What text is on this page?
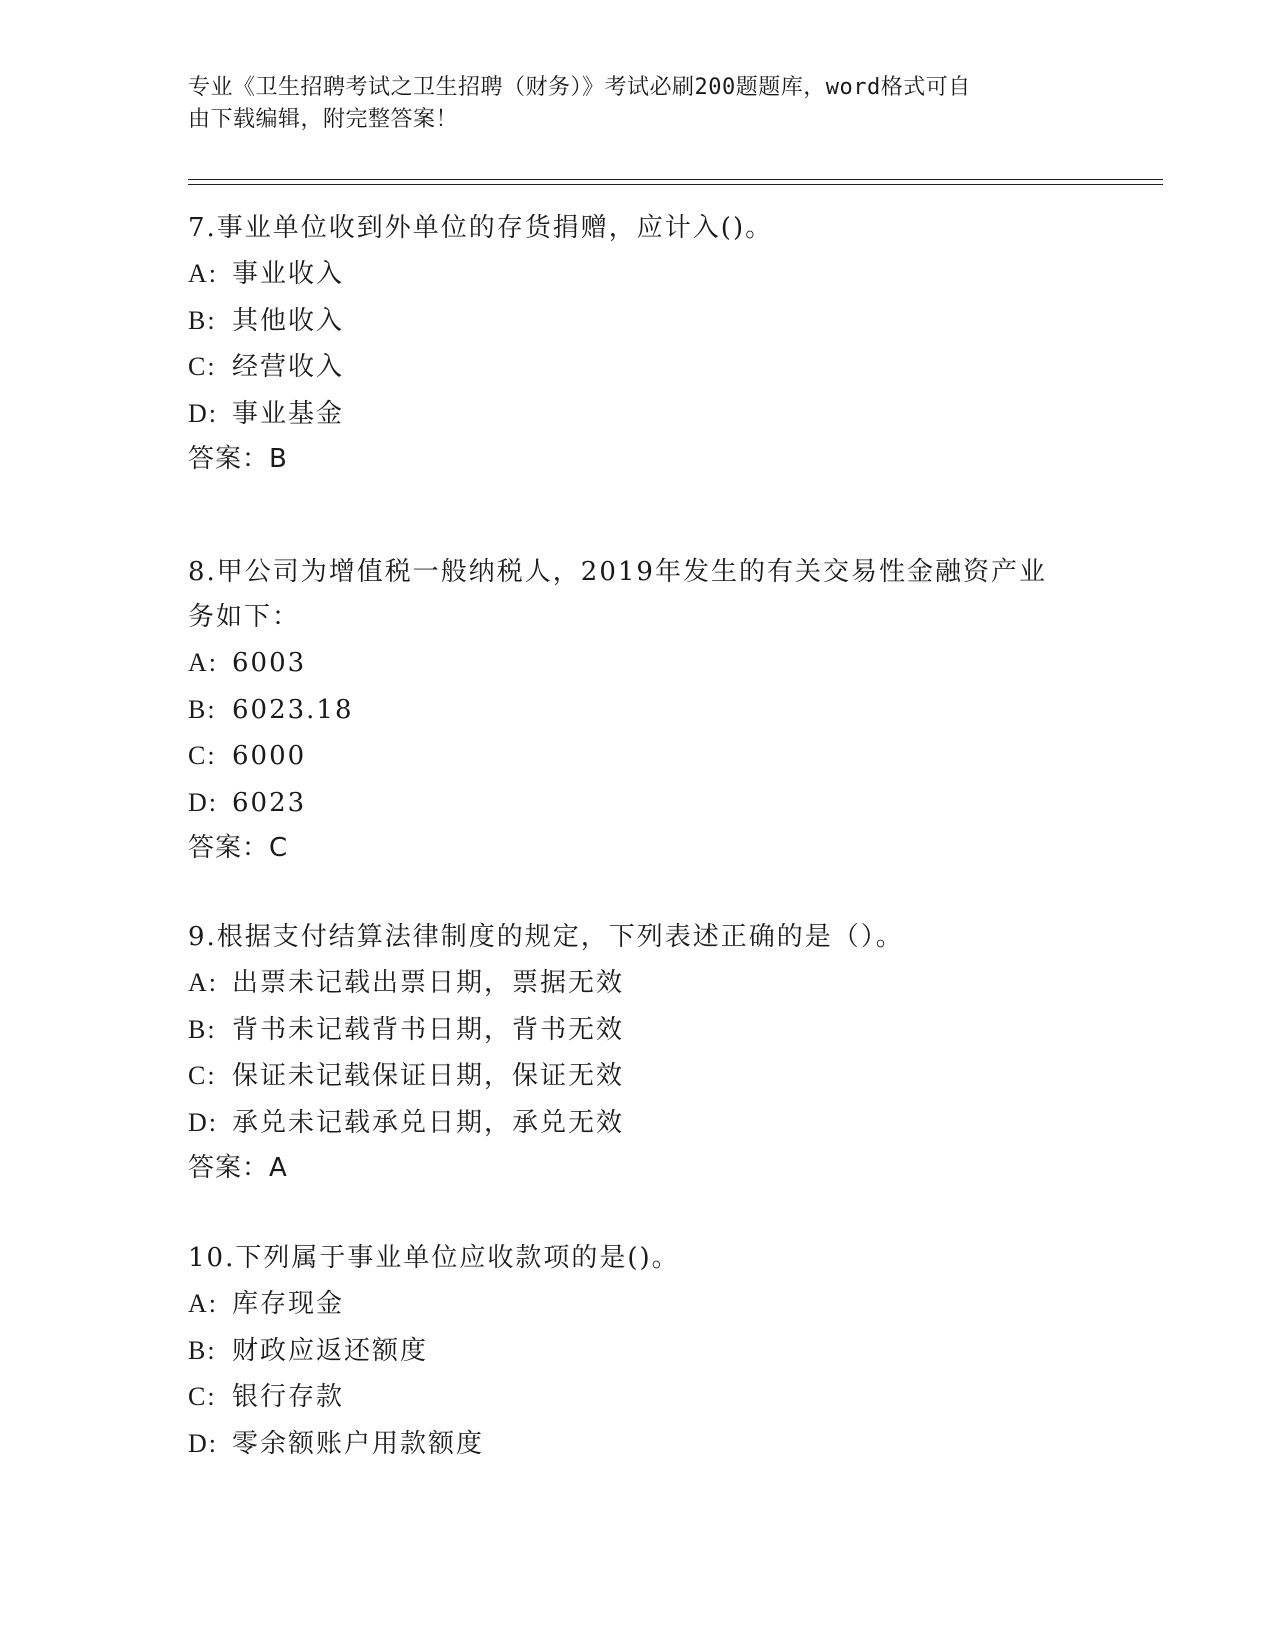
专业《卫生招聘考试之卫生招聘（财务）》考试必刷200题题库，word格式可自
由下载编辑，附完整答案！

7.事业单位收到外单位的存货捐赠，应计入()。

A: 事业收入

B: 其他收入

C: 经营收入

D: 事业基金

答案：B

8.甲公司为增值税一般纳税人，2019年发生的有关交易性金融资产业

务如下：

A: 6003

B: 6023.18

C: 6000

D: 6023

答案：C

9.根据支付结算法律制度的规定，下列表述正确的是（）。

A: 出票未记载出票日期，票据无效

B: 背书未记载背书日期，背书无效

C: 保证未记载保证日期，保证无效

D: 承兑未记载承兑日期，承兑无效

答案：A

10.下列属于事业单位应收款项的是()。

A: 库存现金

B: 财政应返还额度

C: 银行存款

D: 零余额账户用款额度
